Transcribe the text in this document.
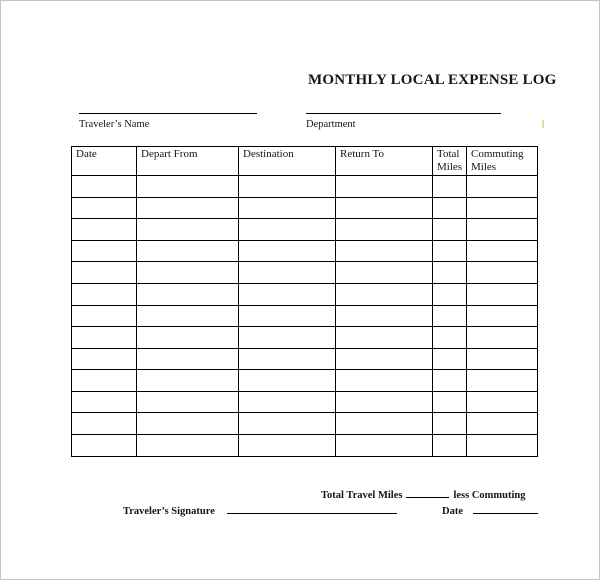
MONTHLY LOCAL EXPENSE LOG
Traveler’s Name	Department
Date	Depart From	Destination	Return To	Total Miles	Commuting Miles

Total Travel Miles	less Commuting
Traveler’s Signature	Date
